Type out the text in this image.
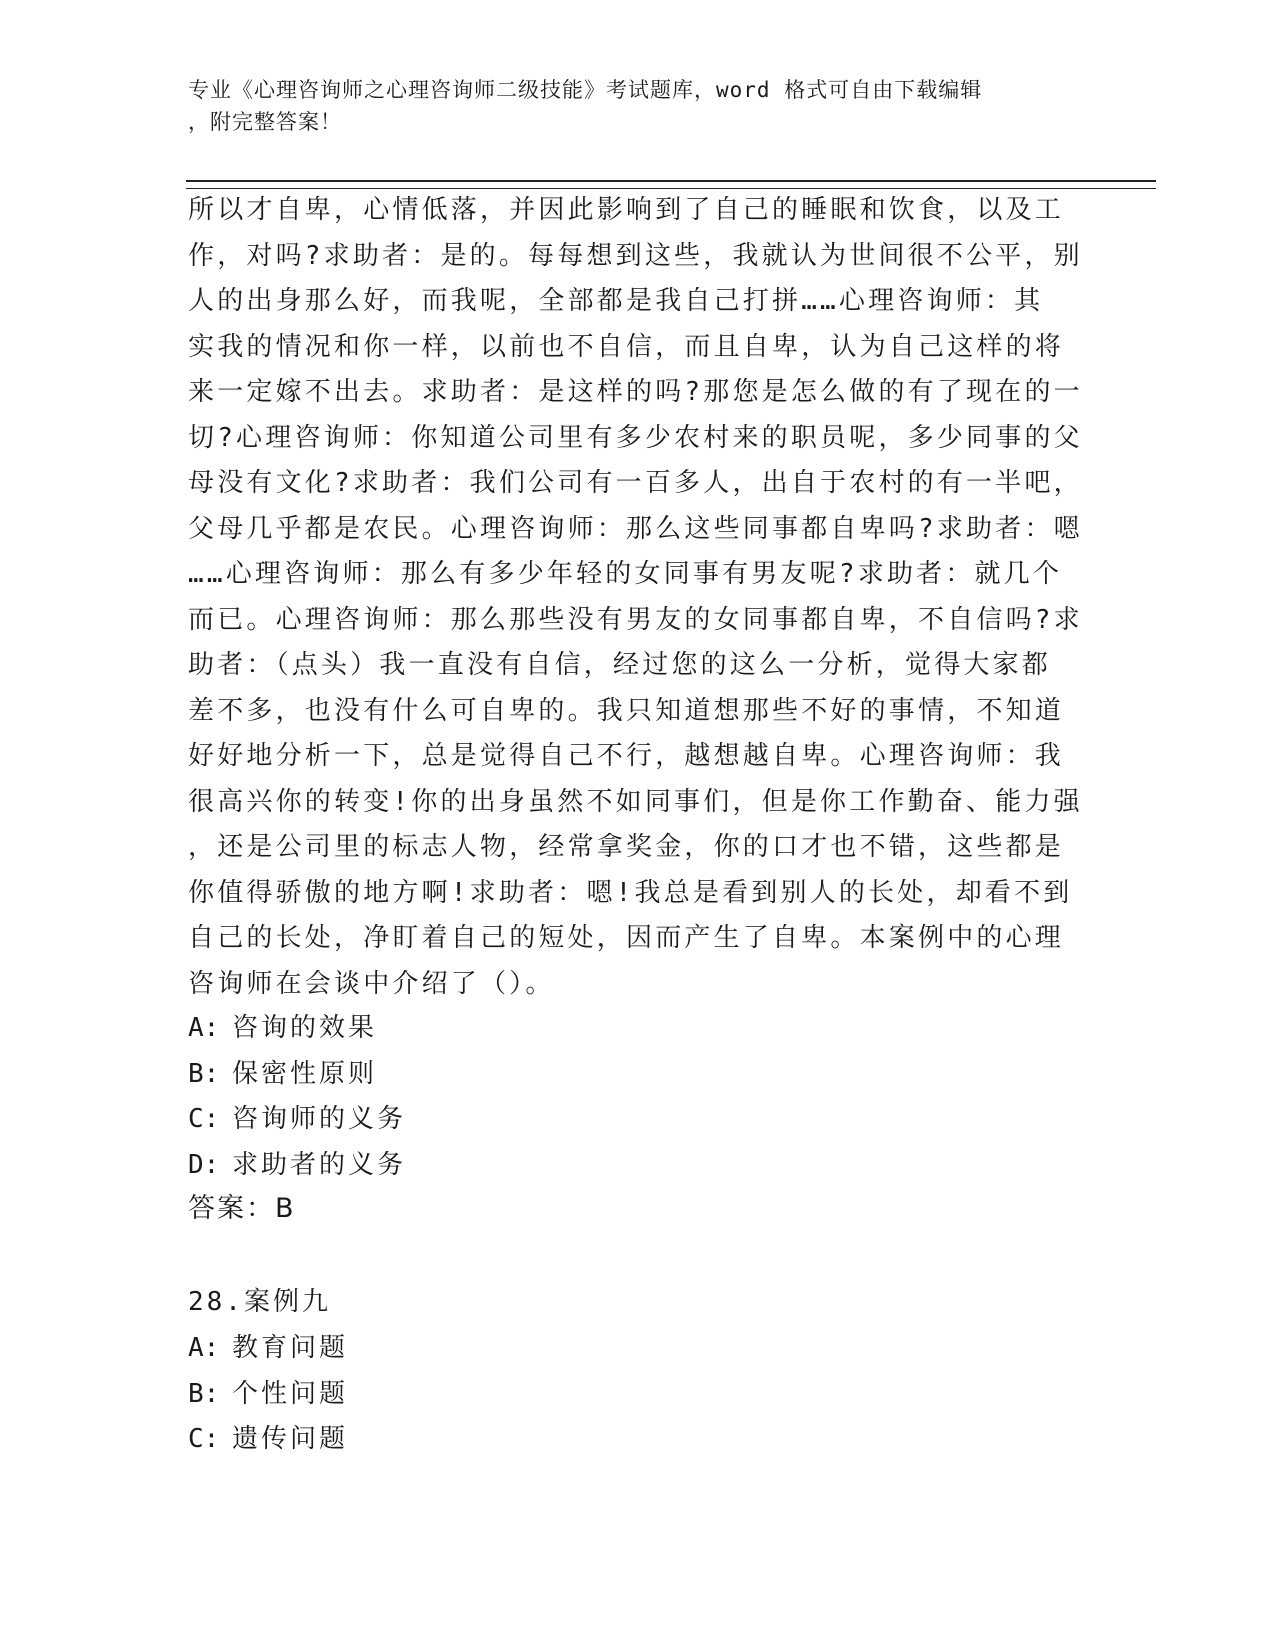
专业《心理咨询师之心理咨询师二级技能》考试题库，word 格式可自由下载编辑
，附完整答案！
所以才自卑，心情低落，并因此影响到了自己的睡眠和饮食，以及工
作，对吗?求助者：是的。每每想到这些，我就认为世间很不公平，别
人的出身那么好，而我呢，全部都是我自己打拼……心理咨询师：其
实我的情况和你一样，以前也不自信，而且自卑，认为自己这样的将
来一定嫁不出去。求助者：是这样的吗?那您是怎么做的有了现在的一
切?心理咨询师：你知道公司里有多少农村来的职员呢，多少同事的父
母没有文化?求助者：我们公司有一百多人，出自于农村的有一半吧，
父母几乎都是农民。心理咨询师：那么这些同事都自卑吗?求助者：嗯
……心理咨询师：那么有多少年轻的女同事有男友呢?求助者：就几个
而已。心理咨询师：那么那些没有男友的女同事都自卑，不自信吗?求
助者：（点头）我一直没有自信，经过您的这么一分析，觉得大家都
差不多，也没有什么可自卑的。我只知道想那些不好的事情，不知道
好好地分析一下，总是觉得自己不行，越想越自卑。心理咨询师：我
很高兴你的转变!你的出身虽然不如同事们，但是你工作勤奋、能力强
，还是公司里的标志人物，经常拿奖金，你的口才也不错，这些都是
你值得骄傲的地方啊!求助者：嗯!我总是看到别人的长处，却看不到
自己的长处，净盯着自己的短处，因而产生了自卑。本案例中的心理
咨询师在会谈中介绍了（）。
A: 咨询的效果
B: 保密性原则
C: 咨询师的义务
D: 求助者的义务
答案：B
28.案例九
A: 教育问题
B: 个性问题
C: 遗传问题
